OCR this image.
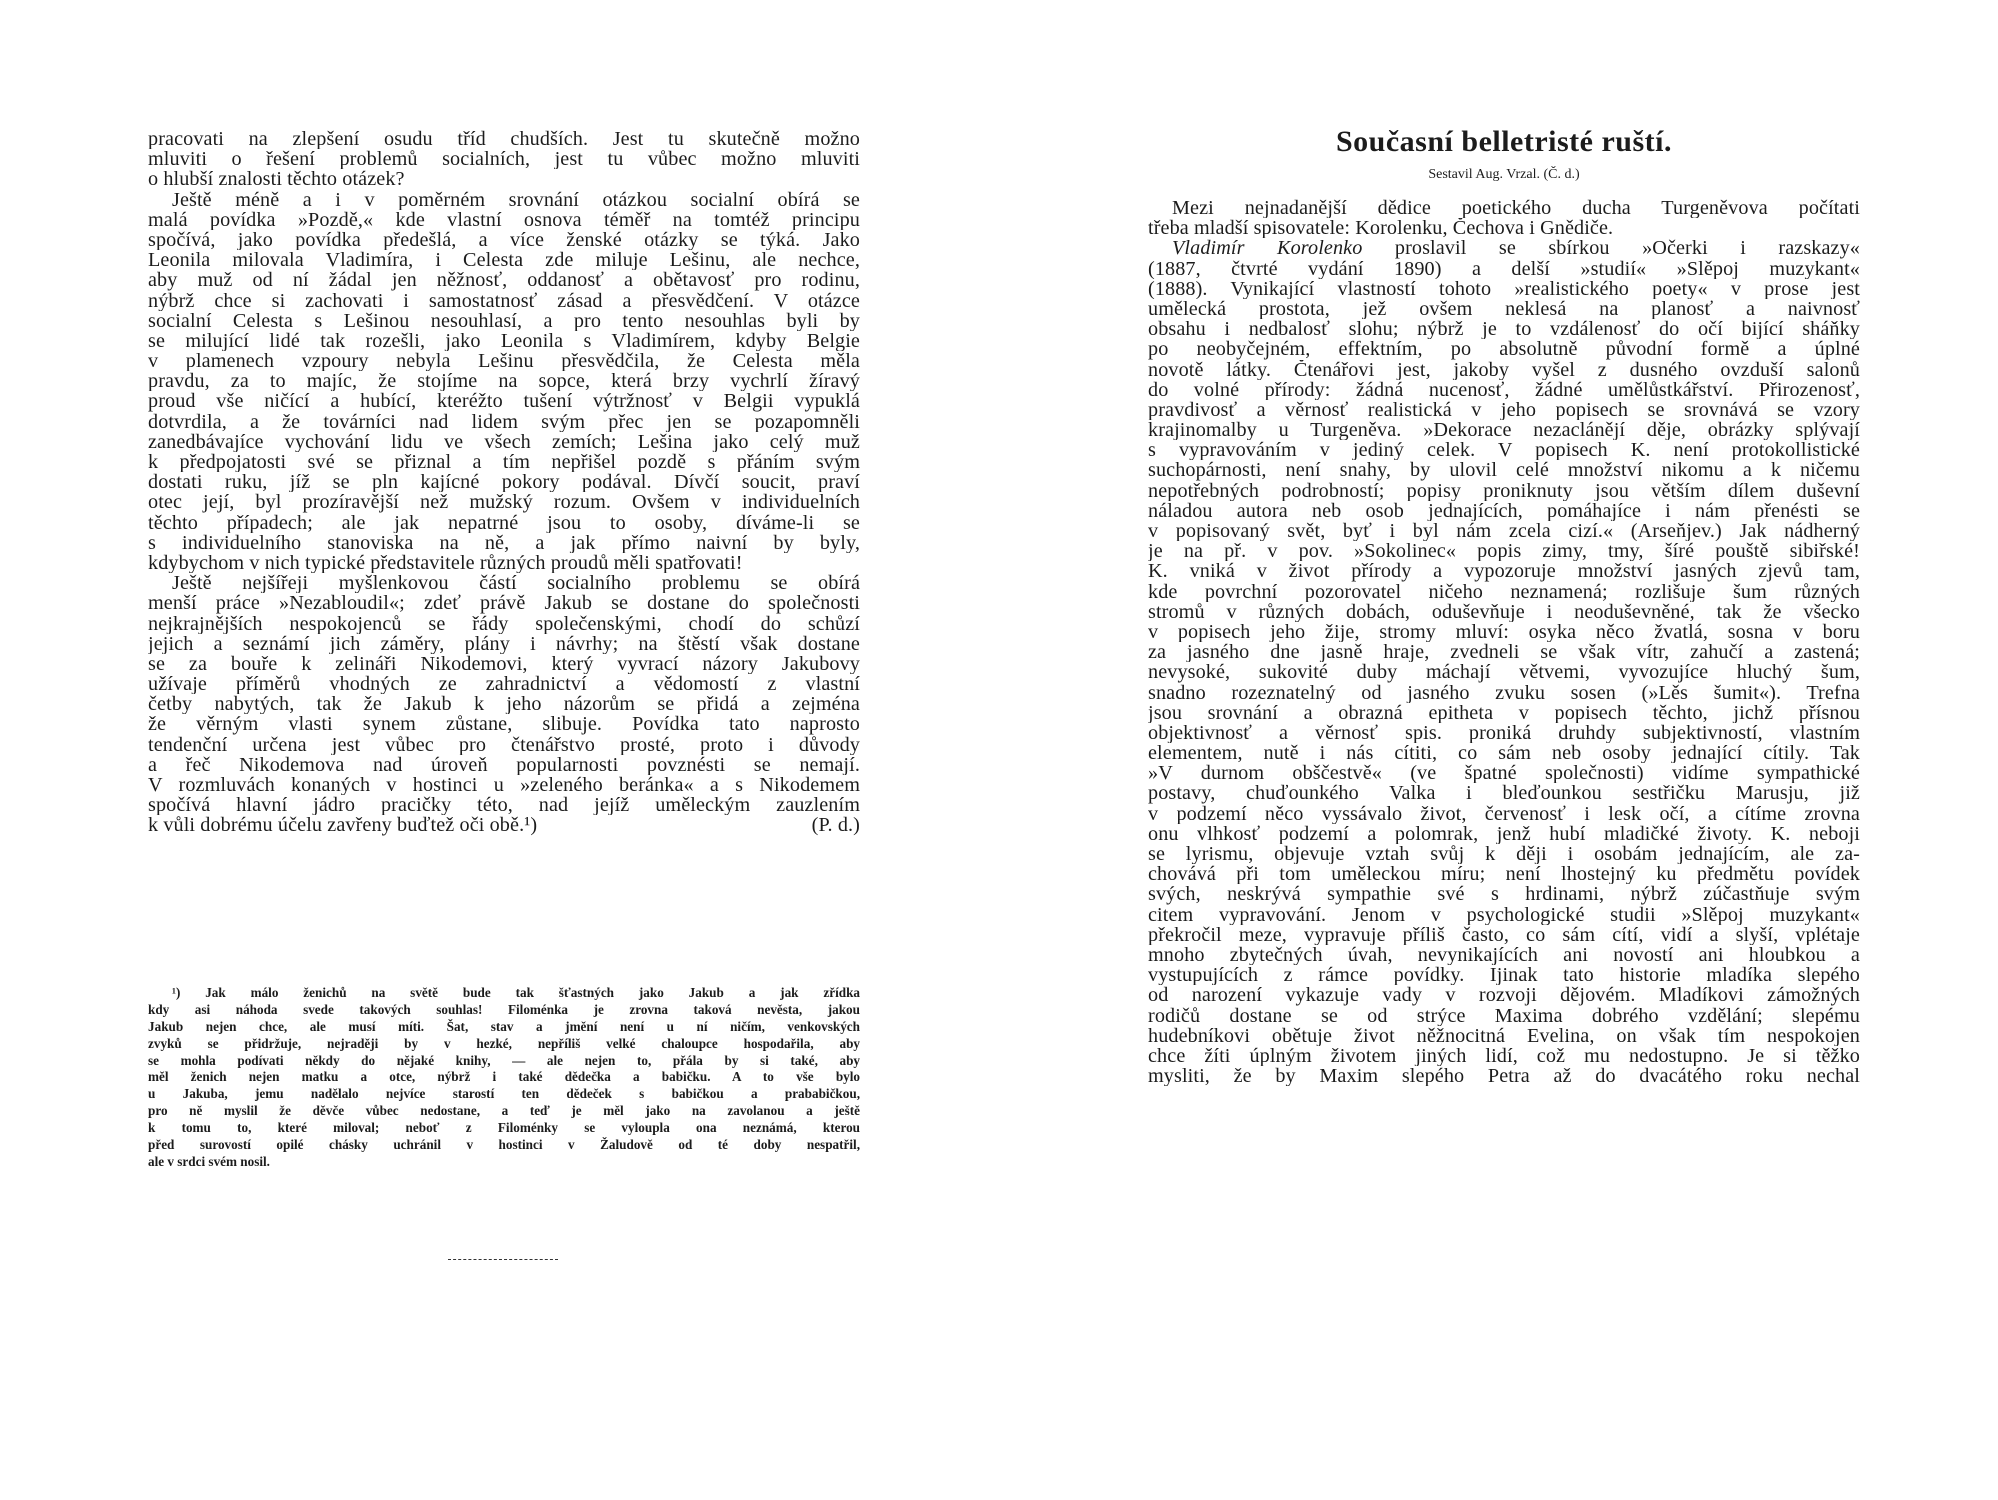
pracovati na zlepšení osudu tříd chudších. Jest tu skutečně možno
mluviti o řešení problemů socialních, jest tu vůbec možno mluviti
o hlubší znalosti těchto otázek?
Ještě méně a i v poměrném srovnání otázkou socialní obírá se
malá povídka »Pozdě,« kde vlastní osnova téměř na tomtéž principu
spočívá, jako povídka předešlá, a více ženské otázky se týká. Jako
Leonila milovala Vladimíra, i Celesta zde miluje Lešinu, ale nechce,
aby muž od ní žádal jen něžnosť, oddanosť a obětavosť pro rodinu,
nýbrž chce si zachovati i samostatnosť zásad a přesvědčení. V otázce
socialní Celesta s Lešinou nesouhlasí, a pro tento nesouhlas byli by
se milující lidé tak rozešli, jako Leonila s Vladimírem, kdyby Belgie
v plamenech vzpoury nebyla Lešinu přesvědčila, že Celesta měla
pravdu, za to majíc, že stojíme na sopce, která brzy vychrlí žíravý
proud vše ničící a hubící, kteréžto tušení výtržnosť v Belgii vypuklá
dotvrdila, a že továrníci nad lidem svým přec jen se pozapomněli
zanedbávajíce vychování lidu ve všech zemích; Lešina jako celý muž
k předpojatosti své se přiznal a tím nepřišel pozdě s přáním svým
dostati ruku, jíž se pln kajícné pokory podával. Dívčí soucit, praví
otec její, byl prozíravější než mužský rozum. Ovšem v individuelních
těchto případech; ale jak nepatrné jsou to osoby, díváme-li se
s individuelního stanoviska na ně, a jak přímo naivní by byly,
kdybychom v nich typické představitele různých proudů měli spatřovati!
Ještě nejšířeji myšlenkovou částí socialního problemu se obírá
menší práce »Nezabloudil«; zdeť právě Jakub se dostane do společnosti
nejkrajnějších nespokojenců se řády společenskými, chodí do schůzí
jejich a seznámí jich záměry, plány i návrhy; na štěstí však dostane
se za bouře k zelináři Nikodemovi, který vyvrací názory Jakubovy
užívaje příměrů vhodných ze zahradnictví a vědomostí z vlastní
četby nabytých, tak že Jakub k jeho názorům se přidá a zejména
že věrným vlasti synem zůstane, slibuje. Povídka tato naprosto
tendenční určena jest vůbec pro čtenářstvo prosté, proto i důvody
a řeč Nikodemova nad úroveň popularnosti povznésti se nemají.
V rozmluvách konaných v hostinci u »zeleného beránka« a s Nikodemem
spočívá hlavní jádro pracičky této, nad jejíž uměleckým zauzlením
k vůli dobrému účelu zavřeny buďtež oči obě.¹)	(P. d.)
¹) Jak málo ženichů na světě bude tak šťastných jako Jakub a jak zřídka
kdy asi náhoda svede takových souhlas! Filoménka je zrovna taková nevěsta, jakou
Jakub nejen chce, ale musí míti. Šat, stav a jmění není u ní ničím, venkovských
zvyků se přidržuje, nejraději by v hezké, nepříliš velké chaloupce hospodařila, aby
se mohla podívati někdy do nějaké knihy, — ale nejen to, přála by si také, aby
měl ženich nejen matku a otce, nýbrž i také dědečka a babičku. A to vše bylo
u Jakuba, jemu nadělalo nejvíce starostí ten dědeček s babičkou a prababičkou,
pro ně myslil že děvče vůbec nedostane, a teď je měl jako na zavolanou a ještě
k tomu to, které miloval; neboť z Filoménky se vyloupla ona neznámá, kterou
před surovostí opilé chásky uchránil v hostinci v Žaludově od té doby nespatřil,
ale v srdci svém nosil.
Současní belletristé ruští.
Sestavil Aug. Vrzal. (Č. d.)
Mezi nejnadanější dědice poetického ducha Turgeněvova počítati
třeba mladší spisovatele: Korolenku, Čechova i Gnědiče.
Vladimír Korolenko proslavil se sbírkou »Očerki i razskazy«
(1887, čtvrté vydání 1890) a delší »studií« »Slěpoj muzykant«
(1888). Vynikající vlastností tohoto »realistického poety« v prose jest
umělecká prostota, jež ovšem neklesá na planosť a naivnosť
obsahu i nedbalosť slohu; nýbrž je to vzdálenosť do očí bijící sháňky
po neobyčejném, effektním, po absolutně původní formě a úplné
novotě látky. Čtenářovi jest, jakoby vyšel z dusného ovzduší salonů
do volné přírody: žádná nucenosť, žádné umělůstkářství. Přirozenosť,
pravdivosť a věrnosť realistická v jeho popisech se srovnává se vzory
krajinomalby u Turgeněva. »Dekorace nezaclánějí děje, obrázky splývají
s vypravováním v jediný celek. V popisech K. není protokollistické
suchopárnosti, není snahy, by ulovil celé množství nikomu a k ničemu
nepotřebných podrobností; popisy proniknuty jsou větším dílem duševní
náladou autora neb osob jednajících, pomáhajíce i nám přenésti se
v popisovaný svět, byť i byl nám zcela cizí.« (Arseňjev.) Jak nádherný
je na př. v pov. »Sokolinec« popis zimy, tmy, šíré pouště sibiřské!
K. vniká v život přírody a vypozoruje množství jasných zjevů tam,
kde povrchní pozorovatel ničeho neznamená; rozlišuje šum různých
stromů v různých dobách, oduševňuje i neoduševněné, tak že všecko
v popisech jeho žije, stromy mluví: osyka něco žvatlá, sosna v boru
za jasného dne jasně hraje, zvedneli se však vítr, zahučí a zastená;
nevysoké, sukovité duby máchají větvemi, vyvozujíce hluchý šum,
snadno rozeznatelný od jasného zvuku sosen (»Lěs šumit«). Trefna
jsou srovnání a obrazná epitheta v popisech těchto, jichž přísnou
objektivnosť a věrnosť spis. proniká druhdy subjektivností, vlastním
elementem, nutě i nás cítiti, co sám neb osoby jednající cítily. Tak
»V durnom obščestvě« (ve špatné společnosti) vidíme sympathické
postavy, chuďounkého Valka i bleďounkou sestřičku Marusju, již
v podzemí něco vyssávalo život, červenosť i lesk očí, a cítíme zrovna
onu vlhkosť podzemí a polomrak, jenž hubí mladičké životy. K. neboji
se lyrismu, objevuje vztah svůj k ději i osobám jednajícím, ale za-
chovává při tom uměleckou míru; není lhostejný ku předmětu povídek
svých, neskrývá sympathie své s hrdinami, nýbrž zúčastňuje svým
citem vypravování. Jenom v psychologické studii »Slěpoj muzykant«
překročil meze, vypravuje příliš často, co sám cítí, vidí a slyší, vplétaje
mnoho zbytečných úvah, nevynikajících ani novostí ani hloubkou a
vystupujících z rámce povídky. Ijinak tato historie mladíka slepého
od narození vykazuje vady v rozvoji dějovém. Mladíkovi zámožných
rodičů dostane se od strýce Maxima dobrého vzdělání; slepému
hudebníkovi obětuje život něžnocitná Evelina, on však tím nespokojen
chce žíti úplným životem jiných lidí, což mu nedostupno. Je si těžko
mysliti, že by Maxim slepého Petra až do dvacátého roku nechal
